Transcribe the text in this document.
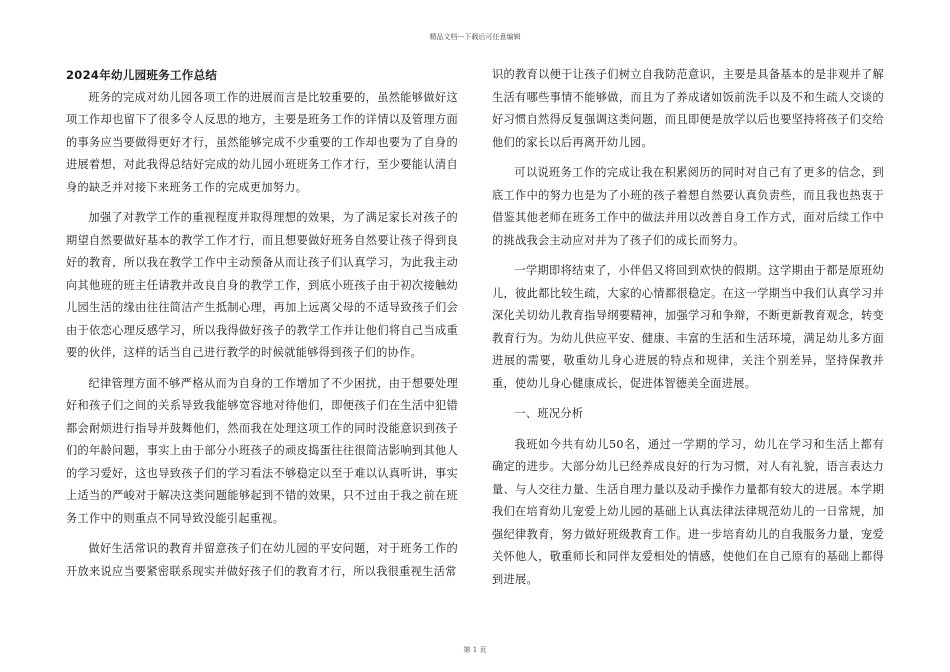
精品文档---下载后可任意编辑
2024年幼儿园班务工作总结

班务的完成对幼儿园各项工作的进展而言是比较重要的，虽然能够做好这项工作却也留下了很多令人反思的地方，主要是班务工作的详情以及管理方面的事务应当要做得更好才行，虽然能够完成不少重要的工作却也要为了自身的进展着想，对此我得总结好完成的幼儿园小班班务工作才行，至少要能认清自身的缺乏并对接下来班务工作的完成更加努力。

加强了对教学工作的重视程度并取得理想的效果，为了满足家长对孩子的期望自然要做好基本的教学工作才行，而且想要做好班务自然要让孩子得到良好的教育，所以我在教学工作中主动预备从而让孩子们认真学习，为此我主动向其他班的班主任请教并改良自身的教学工作，到底小班孩子由于初次接触幼儿园生活的缘由往往简洁产生抵制心理，再加上远离父母的不适导致孩子们会由于依恋心理反感学习，所以我得做好孩子的教学工作并让他们将自己当成重要的伙伴，这样的话当自己进行教学的时候就能够得到孩子们的协作。

纪律管理方面不够严格从而为自身的工作增加了不少困扰，由于想要处理好和孩子们之间的关系导致我能够宽容地对待他们，即便孩子们在生活中犯错都会耐烦进行指导并鼓舞他们，然而我在处理这项工作的同时没能意识到孩子们的年龄问题，事实上由于部分小班孩子的顽皮捣蛋往往很简洁影响到其他人的学习爱好，这也导致孩子们的学习看法不够稳定以至于难以认真听讲，事实上适当的严峻对于解决这类问题能够起到不错的效果，只不过由于我之前在班务工作中的则重点不同导致没能引起重视。

做好生活常识的教育并留意孩子们在幼儿园的平安问题，对于班务工作的开放来说应当要紧密联系现实并做好孩子们的教育才行，所以我很重视生活常

识的教育以便于让孩子们树立自我防范意识，主要是具备基本的是非观并了解生活有哪些事情不能够做，而且为了养成诸如饭前洗手以及不和生疏人交谈的好习惯自然得反复强调这类问题，而且即便是放学以后也要坚持将孩子们交给他们的家长以后再离开幼儿园。

可以说班务工作的完成让我在积累阅历的同时对自己有了更多的信念，到底工作中的努力也是为了小班的孩子着想自然要认真负责些，而且我也热衷于借鉴其他老师在班务工作中的做法并用以改善自身工作方式，面对后续工作中的挑战我会主动应对并为了孩子们的成长而努力。

一学期即将结束了，小伴侣又将回到欢快的假期。这学期由于都是原班幼儿，彼此都比较生疏，大家的心情都很稳定。在这一学期当中我们认真学习并深化关切幼儿教育指导纲要精神，加强学习和争辩，不断更新教育观念，转变教育行为。为幼儿供应平安、健康、丰富的生活和生活环境，满足幼儿多方面进展的需要，敬重幼儿身心进展的特点和规律，关注个别差异，坚持保教并重，使幼儿身心健康成长，促进体智德美全面进展。

一、班况分析

我班如今共有幼儿50名，通过一学期的学习，幼儿在学习和生活上都有确定的进步。大部分幼儿已经养成良好的行为习惯，对人有礼貌，语言表达力量、与人交往力量、生活自理力量以及动手操作力量都有较大的进展。本学期我们在培育幼儿宠爱上幼儿园的基础上认真法律法律规范幼儿的一日常规，加强纪律教育，努力做好班级教育工作。进一步培育幼儿的自我服务力量，宠爱关怀他人，敬重师长和同伴友爱相处的情感，使他们在自己原有的基础上都得到进展。

第 1 页
